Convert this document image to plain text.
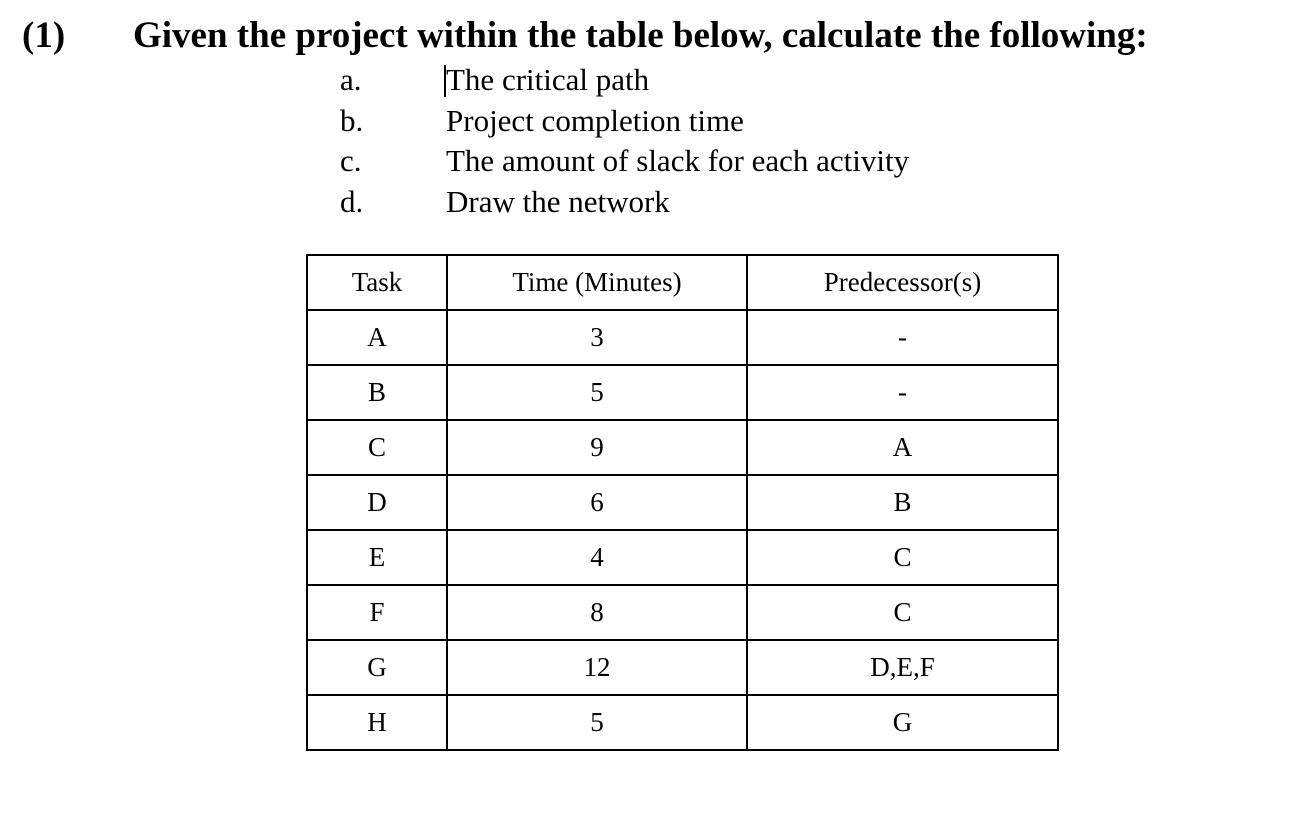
(1) Given the project within the table below, calculate the following:
a.	The critical path
b.	Project completion time
c.	The amount of slack for each activity
d.	Draw the network
Task	Time (Minutes)	Predecessor(s)
A	3	-
B	5	-
C	9	A
D	6	B
E	4	C
F	8	C
G	12	D,E,F
H	5	G
